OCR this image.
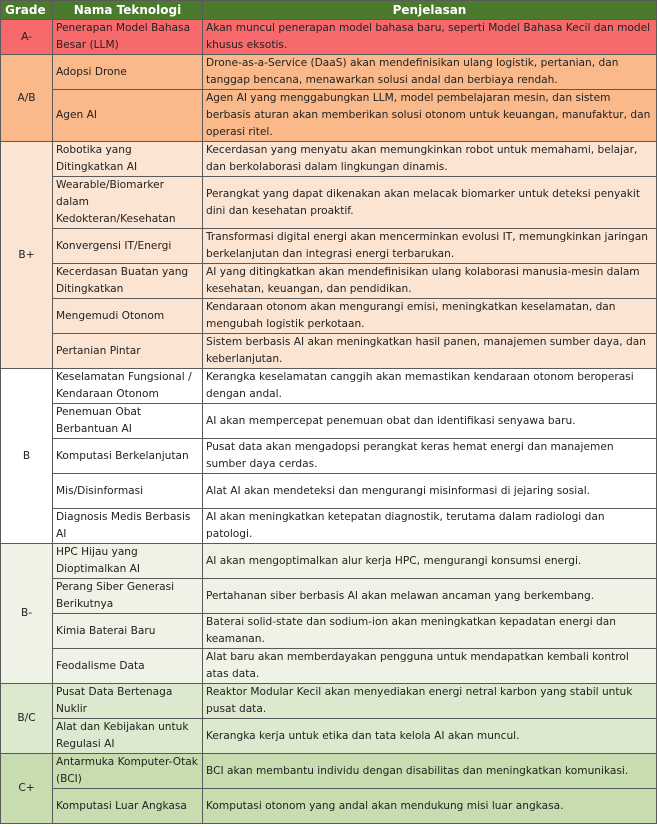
Grade	Nama Teknologi	Penjelasan
A-	Penerapan Model Bahasa Besar (LLM)	Akan muncul penerapan model bahasa baru, seperti Model Bahasa Kecil dan model khusus eksotis.
A/B	Adopsi Drone	Drone-as-a-Service (DaaS) akan mendefinisikan ulang logistik, pertanian, dan tanggap bencana, menawarkan solusi andal dan berbiaya rendah.
	Agen AI	Agen AI yang menggabungkan LLM, model pembelajaran mesin, dan sistem berbasis aturan akan memberikan solusi otonom untuk keuangan, manufaktur, dan operasi ritel.
B+	Robotika yang Ditingkatkan AI	Kecerdasan yang menyatu akan memungkinkan robot untuk memahami, belajar, dan berkolaborasi dalam lingkungan dinamis.
	Wearable/Biomarker dalam Kedokteran/Kesehatan	Perangkat yang dapat dikenakan akan melacak biomarker untuk deteksi penyakit dini dan kesehatan proaktif.
	Konvergensi IT/Energi	Transformasi digital energi akan mencerminkan evolusi IT, memungkinkan jaringan berkelanjutan dan integrasi energi terbarukan.
	Kecerdasan Buatan yang Ditingkatkan	AI yang ditingkatkan akan mendefinisikan ulang kolaborasi manusia-mesin dalam kesehatan, keuangan, dan pendidikan.
	Mengemudi Otonom	Kendaraan otonom akan mengurangi emisi, meningkatkan keselamatan, dan mengubah logistik perkotaan.
	Pertanian Pintar	Sistem berbasis AI akan meningkatkan hasil panen, manajemen sumber daya, dan keberlanjutan.
B	Keselamatan Fungsional / Kendaraan Otonom	Kerangka keselamatan canggih akan memastikan kendaraan otonom beroperasi dengan andal.
	Penemuan Obat Berbantuan AI	AI akan mempercepat penemuan obat dan identifikasi senyawa baru.
	Komputasi Berkelanjutan	Pusat data akan mengadopsi perangkat keras hemat energi dan manajemen sumber daya cerdas.
	Mis/Disinformasi	Alat AI akan mendeteksi dan mengurangi misinformasi di jejaring sosial.
	Diagnosis Medis Berbasis AI	AI akan meningkatkan ketepatan diagnostik, terutama dalam radiologi dan patologi.
B-	HPC Hijau yang Dioptimalkan AI	AI akan mengoptimalkan alur kerja HPC, mengurangi konsumsi energi.
	Perang Siber Generasi Berikutnya	Pertahanan siber berbasis AI akan melawan ancaman yang berkembang.
	Kimia Baterai Baru	Baterai solid-state dan sodium-ion akan meningkatkan kepadatan energi dan keamanan.
	Feodalisme Data	Alat baru akan memberdayakan pengguna untuk mendapatkan kembali kontrol atas data.
B/C	Pusat Data Bertenaga Nuklir	Reaktor Modular Kecil akan menyediakan energi netral karbon yang stabil untuk pusat data.
	Alat dan Kebijakan untuk Regulasi AI	Kerangka kerja untuk etika dan tata kelola AI akan muncul.
C+	Antarmuka Komputer-Otak (BCI)	BCI akan membantu individu dengan disabilitas dan meningkatkan komunikasi.
	Komputasi Luar Angkasa	Komputasi otonom yang andal akan mendukung misi luar angkasa.
